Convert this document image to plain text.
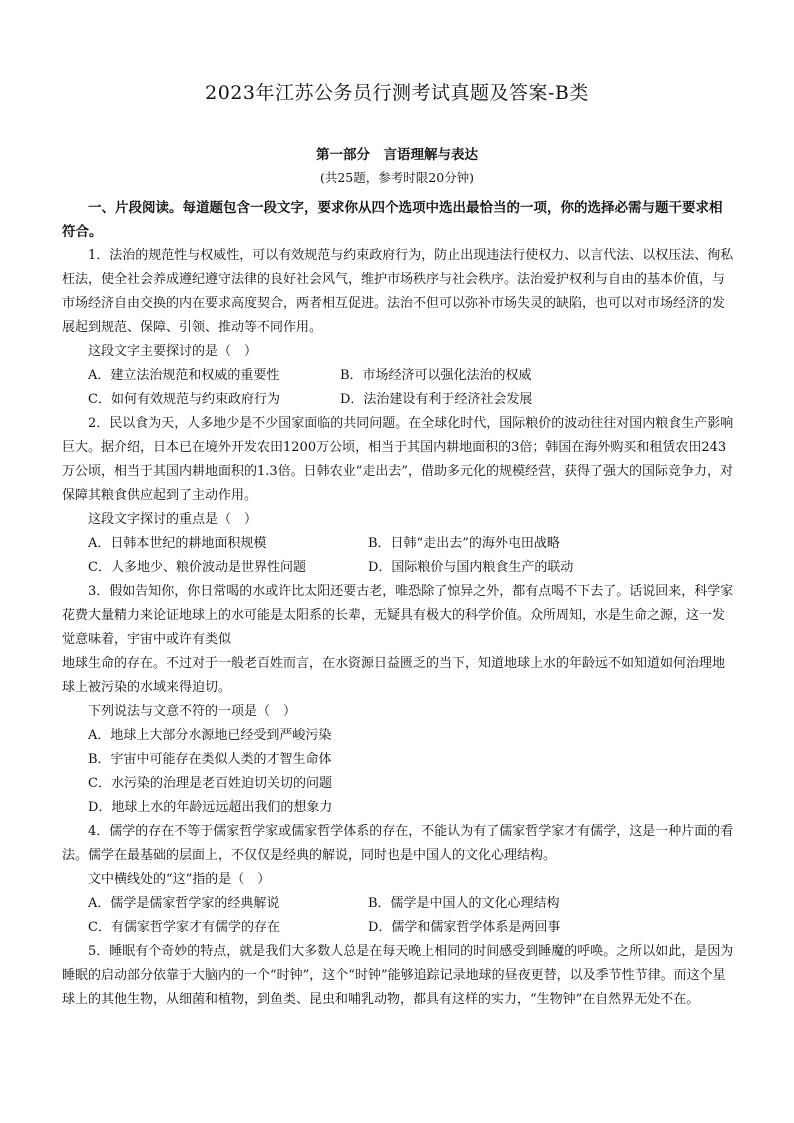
2023年江苏公务员行测考试真题及答案-B类
第一部分　言语理解与表达
(共25题，参考时限20分钟)

一、片段阅读。每道题包含一段文字，要求你从四个选项中选出最恰当的一项，你的选择必需与题干要求相符合。

1．法治的规范性与权威性，可以有效规范与约束政府行为，防止出现违法行使权力、以言代法、以权压法、徇私枉法，使全社会养成遵纪遵守法律的良好社会风气，维护市场秩序与社会秩序。法治爱护权利与自由的基本价值，与市场经济自由交换的内在要求高度契合，两者相互促进。法治不但可以弥补市场失灵的缺陷，也可以对市场经济的发展起到规范、保障、引领、推动等不同作用。

这段文字主要探讨的是（　）

A．建立法治规范和权威的重要性	B．市场经济可以强化法治的权威
C．如何有效规范与约束政府行为	D．法治建设有利于经济社会发展

2．民以食为天，人多地少是不少国家面临的共同问题。在全球化时代，国际粮价的波动往往对国内粮食生产影响巨大。据介绍，日本已在境外开发农田1200万公顷，相当于其国内耕地面积的3倍；韩国在海外购买和租赁农田243万公顷，相当于其国内耕地面积的1.3倍。日韩农业“走出去”，借助多元化的规模经营，获得了强大的国际竞争力，对保障其粮食供应起到了主动作用。

这段文字探讨的重点是（　）

A．日韩本世纪的耕地面积规模	B．日韩“走出去”的海外屯田战略
C．人多地少、粮价波动是世界性问题	D．国际粮价与国内粮食生产的联动

3．假如告知你，你日常喝的水或许比太阳还要古老，唯恐除了惊异之外，都有点喝不下去了。话说回来，科学家花费大量精力来论证地球上的水可能是太阳系的长辈，无疑具有极大的科学价值。众所周知，水是生命之源，这一发觉意味着，宇宙中或许有类似

地球生命的存在。不过对于一般老百姓而言，在水资源日益匮乏的当下，知道地球上水的年龄远不如知道如何治理地球上被污染的水域来得迫切。

下列说法与文意不符的一项是（　）

A．地球上大部分水源地已经受到严峻污染

B．宇宙中可能存在类似人类的才智生命体

C．水污染的治理是老百姓迫切关切的问题

D．地球上水的年龄远远超出我们的想象力

4．儒学的存在不等于儒家哲学家或儒家哲学体系的存在，不能认为有了儒家哲学家才有儒学，这是一种片面的看法。儒学在最基础的层面上，不仅仅是经典的解说，同时也是中国人的文化心理结构。

文中横线处的“这”指的是（　）

A．儒学是儒家哲学家的经典解说	B．儒学是中国人的文化心理结构
C．有儒家哲学家才有儒学的存在	D．儒学和儒家哲学体系是两回事

5．睡眠有个奇妙的特点，就是我们大多数人总是在每天晚上相同的时间感受到睡魔的呼唤。之所以如此，是因为睡眠的启动部分依靠于大脑内的一个“时钟”，这个“时钟”能够追踪记录地球的昼夜更替，以及季节性节律。而这个星球上的其他生物，从细菌和植物，到鱼类、昆虫和哺乳动物，都具有这样的实力，“生物钟”在自然界无处不在。
